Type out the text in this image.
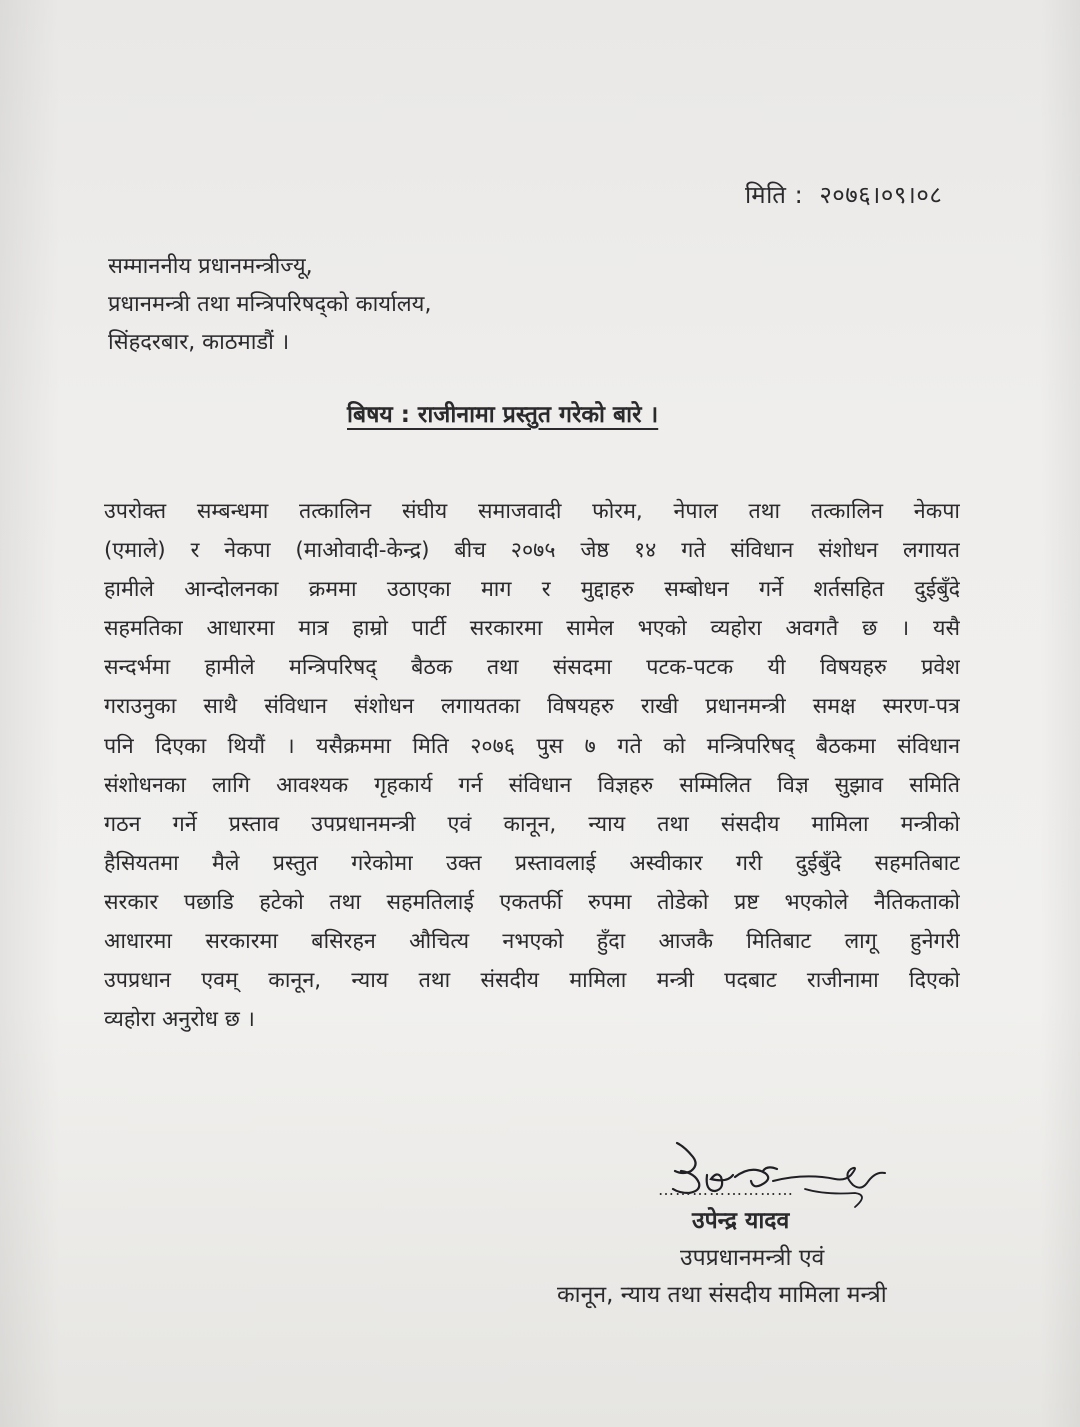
मिति : २०७६।०९।०८
सम्माननीय प्रधानमन्त्रीज्यू,
प्रधानमन्त्री तथा मन्त्रिपरिषद्को कार्यालय,
सिंहदरबार, काठमाडौं ।
बिषय : राजीनामा प्रस्तुत गरेको बारे ।
उपरोक्त सम्बन्धमा तत्कालिन संघीय समाजवादी फोरम, नेपाल तथा तत्कालिन नेकपा
(एमाले) र नेकपा (माओवादी-केन्द्र) बीच २०७५ जेष्ठ १४ गते संविधान संशोधन लगायत
हामीले आन्दोलनका क्रममा उठाएका माग र मुद्दाहरु सम्बोधन गर्ने शर्तसहित दुईबुँदे
सहमतिका आधारमा मात्र हाम्रो पार्टी सरकारमा सामेल भएको व्यहोरा अवगतै छ । यसै
सन्दर्भमा हामीले मन्त्रिपरिषद् बैठक तथा संसदमा पटक-पटक यी विषयहरु प्रवेश
गराउनुका साथै संविधान संशोधन लगायतका विषयहरु राखी प्रधानमन्त्री समक्ष स्मरण-पत्र
पनि दिएका थियौं । यसैक्रममा मिति २०७६ पुस ७ गते को मन्त्रिपरिषद् बैठकमा संविधान
संशोधनका लागि आवश्यक गृहकार्य गर्न संविधान विज्ञहरु सम्मिलित विज्ञ सुझाव समिति
गठन गर्ने प्रस्ताव उपप्रधानमन्त्री एवं कानून, न्याय तथा संसदीय मामिला मन्त्रीको
हैसियतमा मैले प्रस्तुत गरेकोमा उक्त प्रस्तावलाई अस्वीकार गरी दुईबुँदे सहमतिबाट
सरकार पछाडि हटेको तथा सहमतिलाई एकतर्फी रुपमा तोडेको प्रष्ट भएकोले नैतिकताको
आधारमा सरकारमा बसिरहन औचित्य नभएको हुँदा आजकै मितिबाट लागू हुनेगरी
उपप्रधान एवम् कानून, न्याय तथा संसदीय मामिला मन्त्री पदबाट राजीनामा दिएको
व्यहोरा अनुरोध छ ।
……………………
उपेन्द्र यादव
उपप्रधानमन्त्री एवं
कानून, न्याय तथा संसदीय मामिला मन्त्री
